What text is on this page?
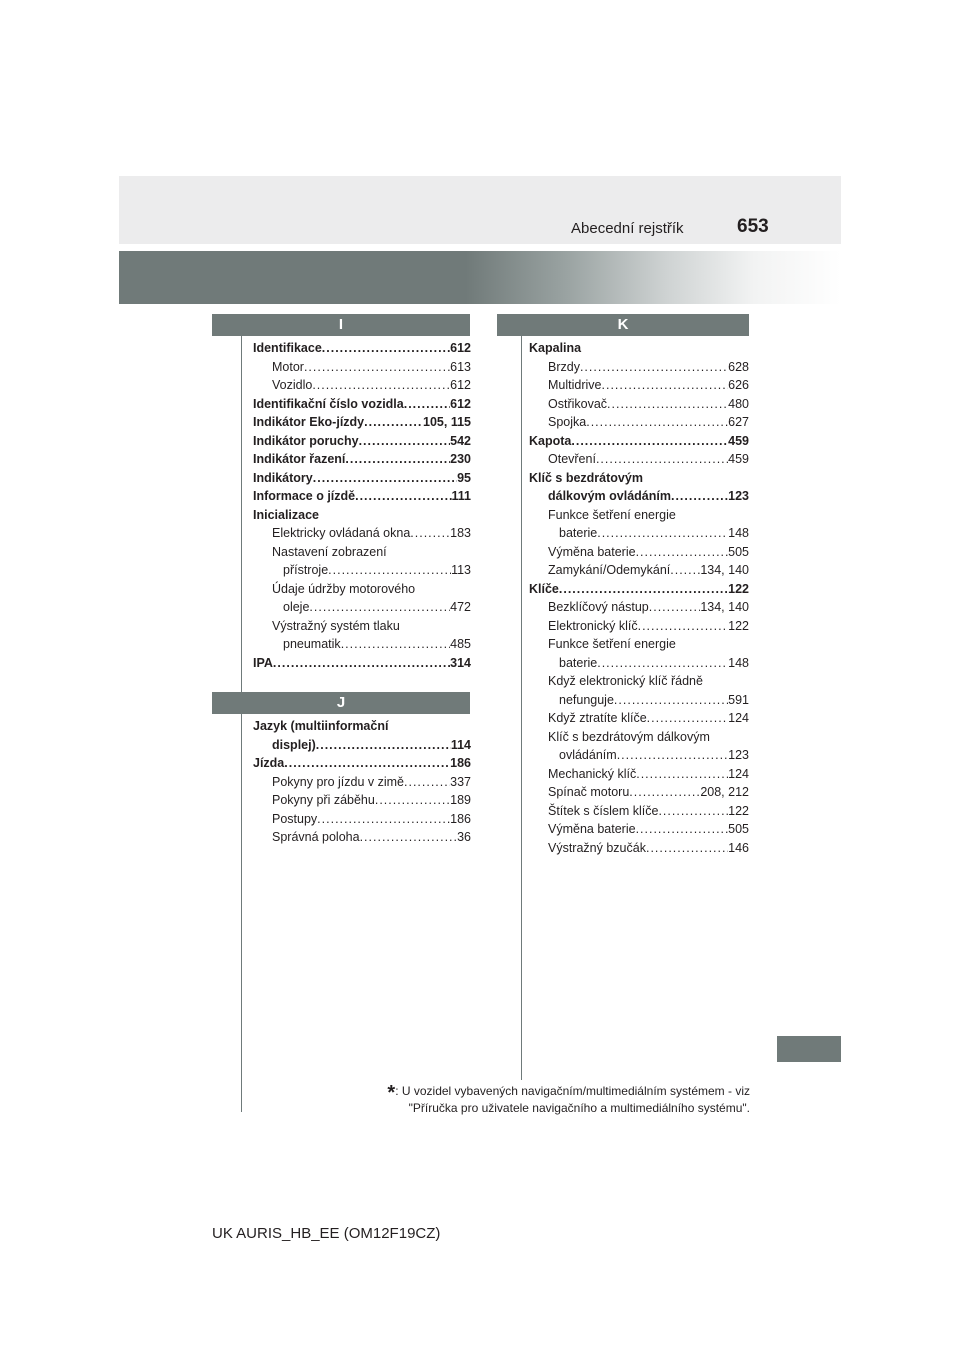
Abecední rejstřík	653
I
Identifikace .....	612
Motor .....	613
Vozidlo .....	612
Identifikační číslo vozidla .....	612
Indikátor Eko-jízdy .....	105, 115
Indikátor poruchy .....	542
Indikátor řazení .....	230
Indikátory .....	95
Informace o jízdě .....	111
Inicializace
Elektricky ovládaná okna .....	183
Nastavení zobrazení
přístroje .....	113
Údaje údržby motorového
oleje .....	472
Výstražný systém tlaku
pneumatik .....	485
IPA .....	314
J
Jazyk (multiinformační
displej) .....	114
Jízda .....	186
Pokyny pro jízdu v zimě .....	337
Pokyny při záběhu .....	189
Postupy .....	186
Správná poloha .....	36
K
Kapalina
Brzdy .....	628
Multidrive .....	626
Ostřikovač .....	480
Spojka .....	627
Kapota .....	459
Otevření .....	459
Klíč s bezdrátovým
dálkovým ovládáním .....	123
Funkce šetření energie
baterie .....	148
Výměna baterie .....	505
Zamykání/Odemykání ..... 134, 140
Klíče .....	122
Bezklíčový nástup .....	134, 140
Elektronický klíč .....	122
Funkce šetření energie
baterie .....	148
Když elektronický klíč řádně
nefunguje .....	591
Když ztratíte klíče .....	124
Klíč s bezdrátovým dálkovým
ovládáním .....	123
Mechanický klíč .....	124
Spínač motoru .....	208, 212
Štítek s číslem klíče .....	122
Výměna baterie .....	505
Výstražný bzučák .....	146
*: U vozidel vybavených navigačním/multimediálním systémem - viz
"Příručka pro uživatele navigačního a multimediálního systému".
UK AURIS_HB_EE (OM12F19CZ)
